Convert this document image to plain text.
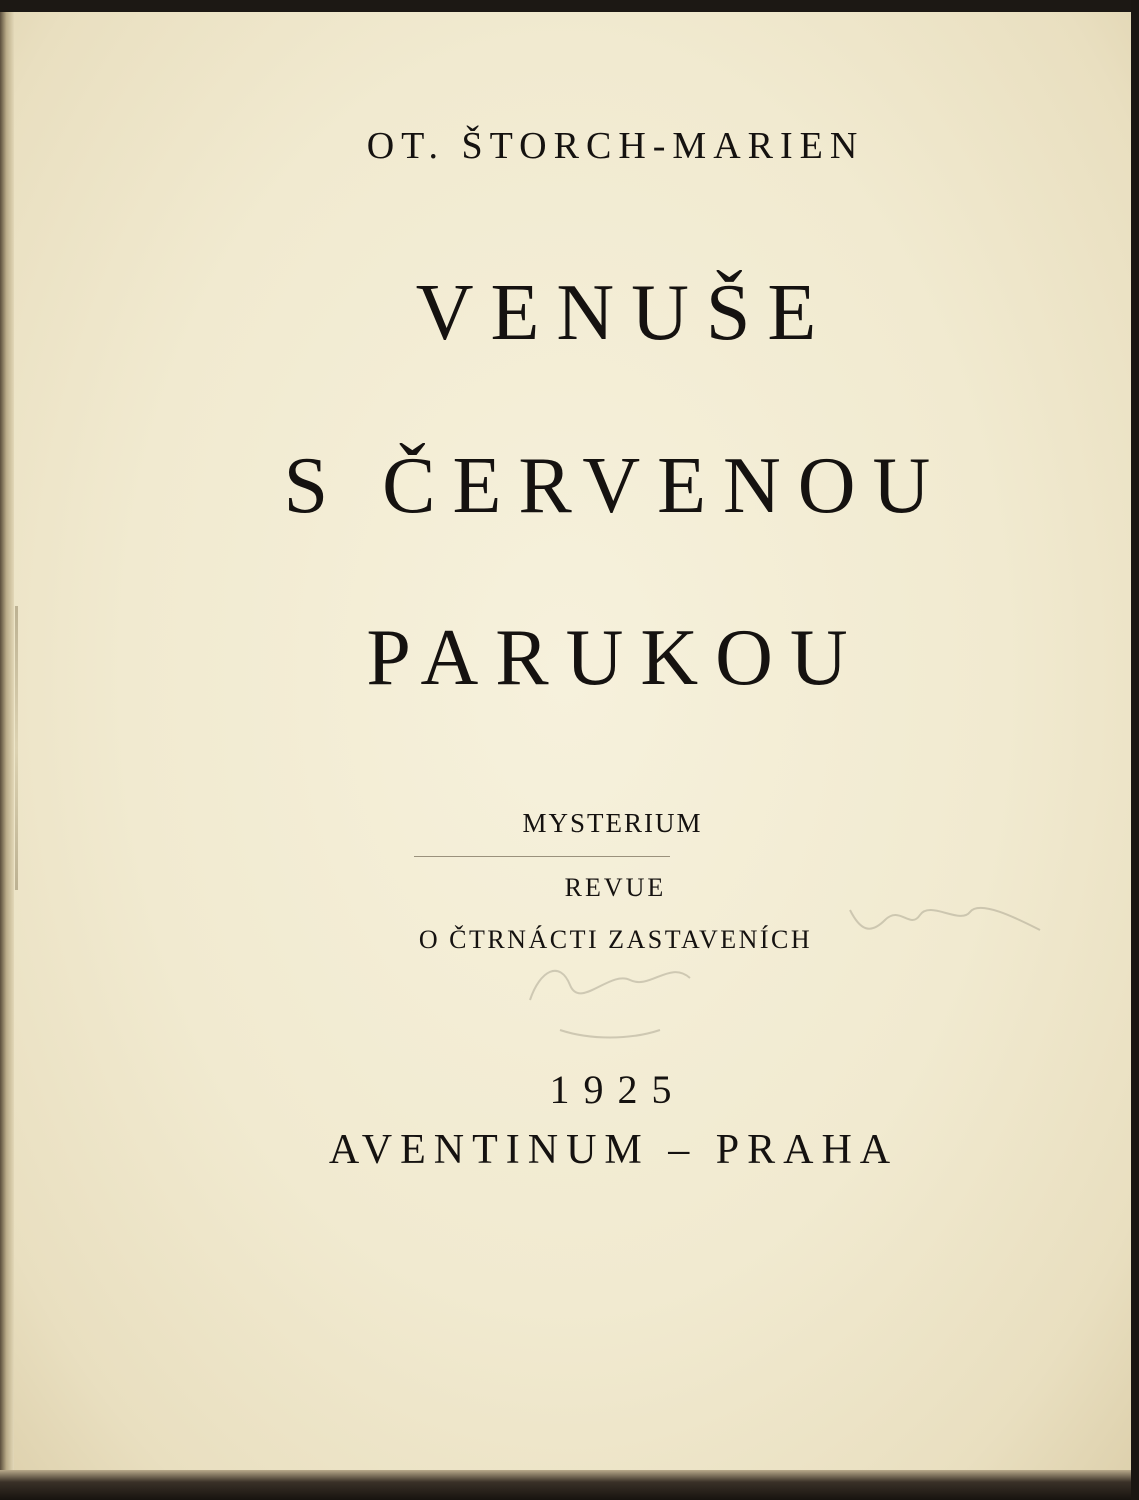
OT. ŠTORCH-MARIEN
VENUŠE
S ČERVENOU
PARUKOU
MYSTERIUM
REVUE
O ČTRNÁCTI ZASTAVENÍCH
1925
AVENTINUM – PRAHA
